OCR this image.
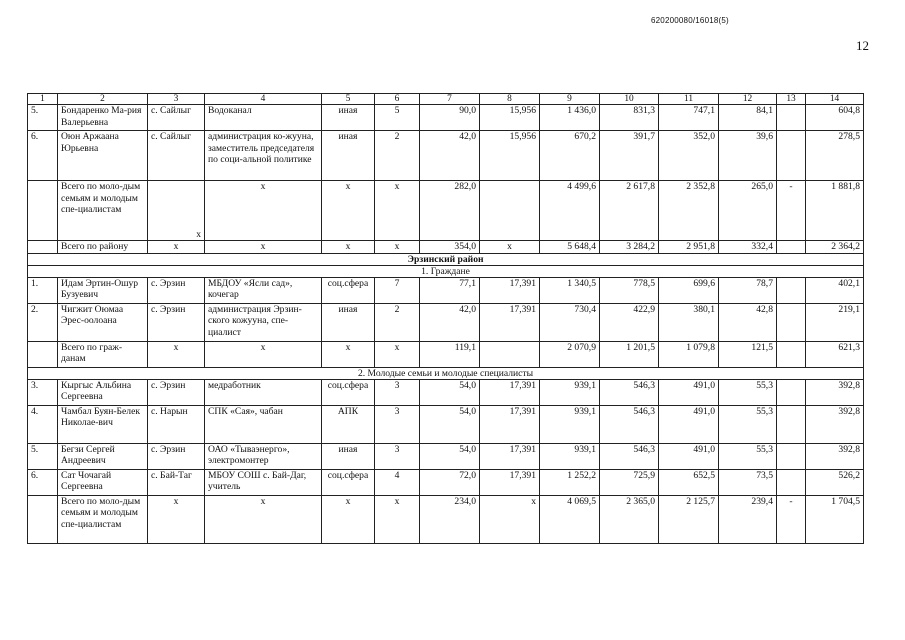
620200080/16018(5)
12
1	2	3	4	5	6	7	8	9	10	11	12	13	14
5.	Бондаренко Ма-рия Валерьевна	с. Сайлыг	Водоканал	иная	5	90,0	15,956	1 436,0	831,3	747,1	84,1		604,8
6.	Оюн Аржаана Юрьевна	с. Сайлыг	администрация ко-жууна, заместитель председателя по соци-альной политике	иная	2	42,0	15,956	670,2	391,7	352,0	39,6		278,5
	Всего по моло-дым семьям и молодым спе-циалистам	х	х	х	х	282,0		4 499,6	2 617,8	2 352,8	265,0	-	1 881,8
	Всего по району	х	х	х	х	354,0	х	5 648,4	3 284,2	2 951,8	332,4		2 364,2
Эрзинский район													
1. Граждане													
1.	Идам Эртин-Ошур Бузуевич	с. Эрзин	МБДОУ «Ясли сад», кочегар	соц.сфера	7	77,1	17,391	1 340,5	778,5	699,6	78,7		402,1
2.	Чигжит Оюмаа Эрес-оолоана	с. Эрзин	администрация Эрзин-ского кожууна, спе-циалист	иная	2	42,0	17,391	730,4	422,9	380,1	42,8		219,1
	Всего по граж-данам	х	х	х	х	119,1		2 070,9	1 201,5	1 079,8	121,5		621,3
2. Молодые семьи и молодые специалисты													
3.	Кыргыс Альбина Сергеевна	с. Эрзин	медработник	соц.сфера	3	54,0	17,391	939,1	546,3	491,0	55,3		392,8
4.	Чамбал Буян-Белек Николае-вич	с. Нарын	СПК «Сая», чабан	АПК	3	54,0	17,391	939,1	546,3	491,0	55,3		392,8
5.	Бегзи Сергей Андреевич	с. Эрзин	ОАО «Тываэнерго», электромонтер	иная	3	54,0	17,391	939,1	546,3	491,0	55,3		392,8
6.	Сат Чочагай Сергеевна	с. Бай-Таг	МБОУ СОШ с. Бай-Даг, учитель	соц.сфера	4	72,0	17,391	1 252,2	725,9	652,5	73,5		526,2
	Всего по моло-дым семьям и молодым спе-циалистам	х	х	х	х	234,0	х	4 069,5	2 365,0	2 125,7	239,4	-	1 704,5
